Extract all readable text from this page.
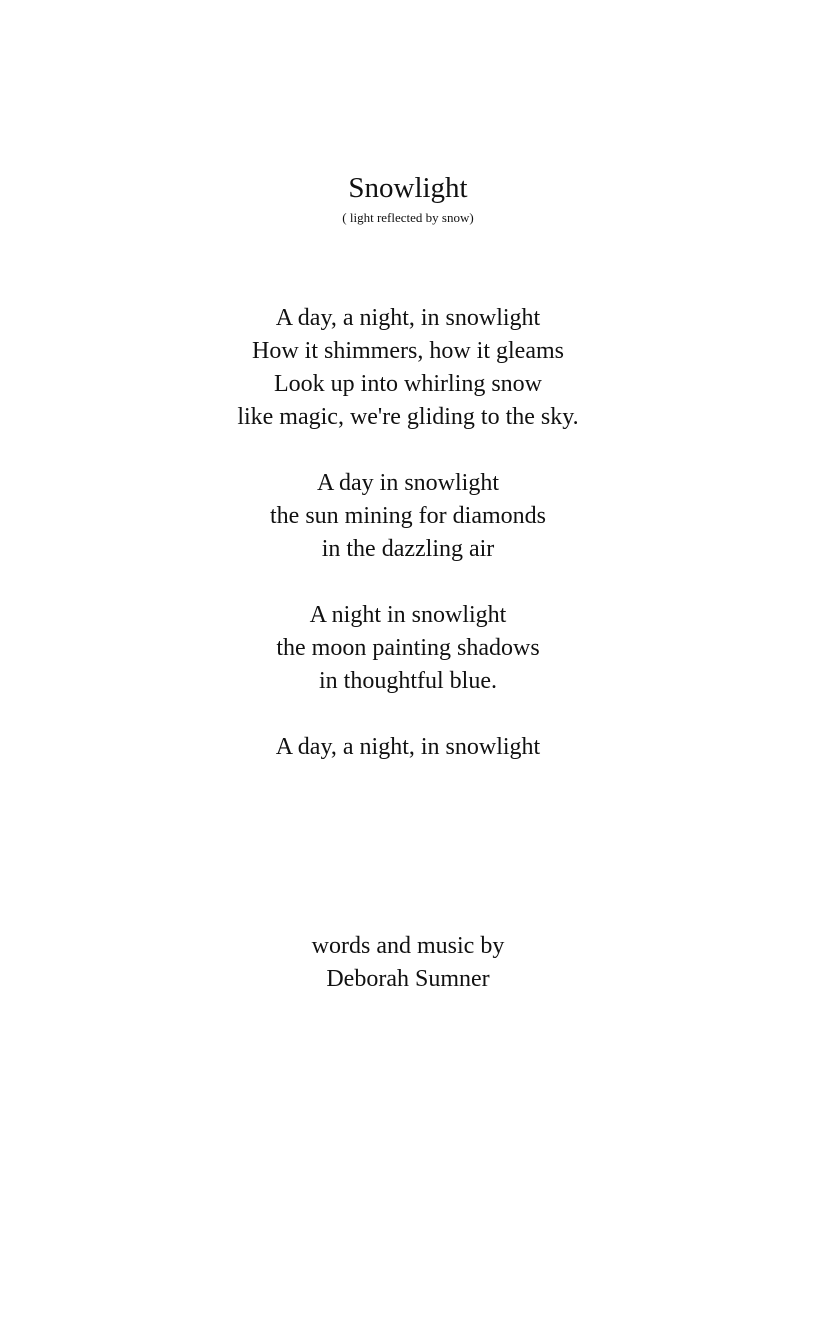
Snowlight
( light reflected by snow)
A day, a night, in snowlight
How it shimmers, how it gleams
Look up into whirling snow
like magic, we're gliding to the sky.
A day in snowlight
the sun mining for diamonds
in the dazzling air
A night in snowlight
the moon painting shadows
in thoughtful blue.
A day, a night, in snowlight
words and music by
Deborah Sumner
